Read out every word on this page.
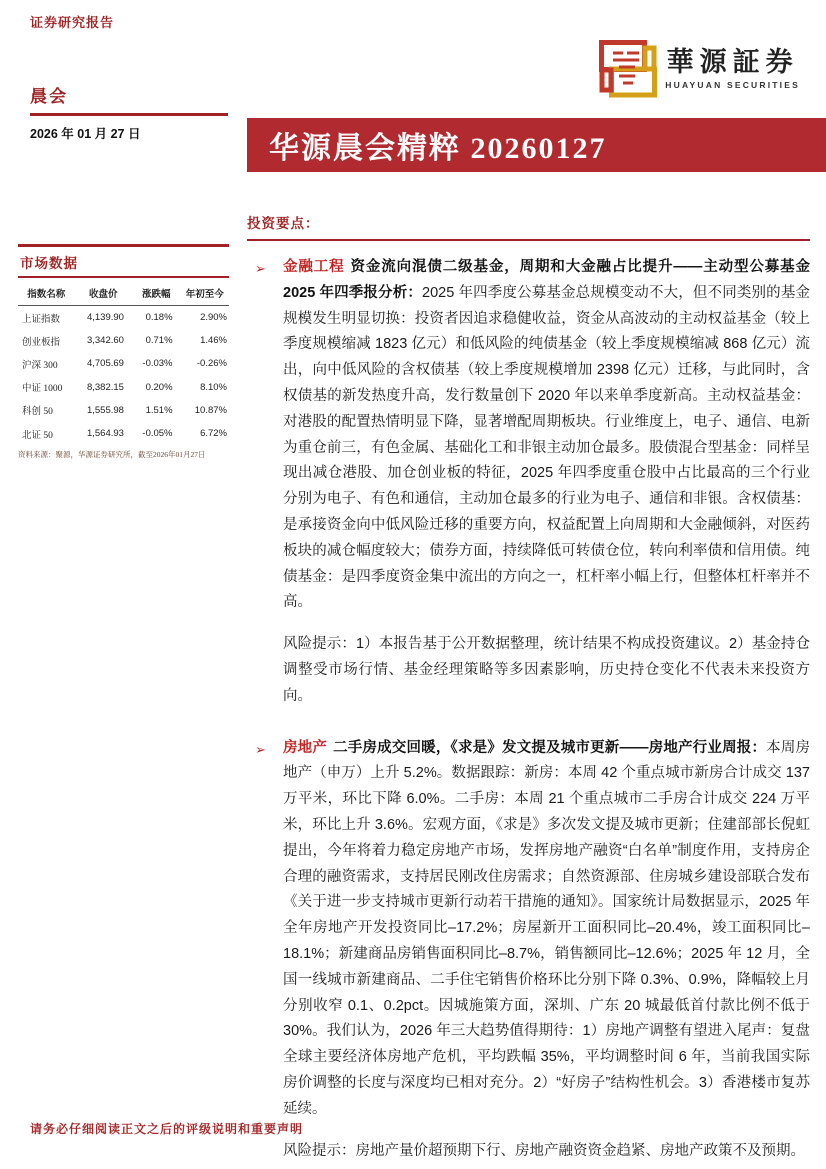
证券研究报告
華源証券
HUAYUAN SECURITIES
晨会
2026 年 01 月 27 日	华源晨会精粹 20260127
市场数据
指数名称	收盘价	涨跌幅	年初至今
上证指数	4,139.90	0.18%	2.90%
创业板指	3,342.60	0.71%	1.46%
沪深 300	4,705.69	-0.03%	-0.26%
中证 1000	8,382.15	0.20%	8.10%
科创 50	1,555.98	1.51%	10.87%
北证 50	1,564.93	-0.05%	6.72%
资料来源：聚源，华源证券研究所，截至2026年01月27日
投资要点：
➢ 金融工程 资金流向混债二级基金，周期和大金融占比提升——主动型公募基金2025 年四季报分析：2025 年四季度公募基金总规模变动不大，但不同类别的基金规模发生明显切换：投资者因追求稳健收益，资金从高波动的主动权益基金（较上季度规模缩减 1823 亿元）和低风险的纯债基金（较上季度规模缩减 868 亿元）流出，向中低风险的含权债基（较上季度规模增加 2398 亿元）迁移，与此同时，含权债基的新发热度升高，发行数量创下 2020 年以来单季度新高。主动权益基金：对港股的配置热情明显下降，显著增配周期板块。行业维度上，电子、通信、电新为重仓前三，有色金属、基础化工和非银主动加仓最多。股债混合型基金：同样呈现出减仓港股、加仓创业板的特征，2025 年四季度重仓股中占比最高的三个行业分别为电子、有色和通信，主动加仓最多的行业为电子、通信和非银。含权债基：是承接资金向中低风险迁移的重要方向，权益配置上向周期和大金融倾斜，对医药板块的减仓幅度较大；债券方面，持续降低可转债仓位，转向利率债和信用债。纯债基金：是四季度资金集中流出的方向之一，杠杆率小幅上行，但整体杠杆率并不高。
风险提示：1）本报告基于公开数据整理，统计结果不构成投资建议。2）基金持仓调整受市场行情、基金经理策略等多因素影响，历史持仓变化不代表未来投资方向。
➢ 房地产 二手房成交回暖，《求是》发文提及城市更新——房地产行业周报：本周房地产（申万）上升 5.2%。数据跟踪：新房：本周 42 个重点城市新房合计成交 137 万平米，环比下降 6.0%。二手房：本周 21 个重点城市二手房合计成交 224 万平米，环比上升 3.6%。宏观方面，《求是》多次发文提及城市更新；住建部部长倪虹提出，今年将着力稳定房地产市场，发挥房地产融资“白名单”制度作用，支持房企合理的融资需求，支持居民刚改住房需求；自然资源部、住房城乡建设部联合发布《关于进一步支持城市更新行动若干措施的通知》。国家统计局数据显示，2025 年全年房地产开发投资同比–17.2%；房屋新开工面积同比–20.4%，竣工面积同比–18.1%；新建商品房销售面积同比–8.7%，销售额同比–12.6%；2025 年 12 月，全国一线城市新建商品、二手住宅销售价格环比分别下降 0.3%、0.9%，降幅较上月分别收窄 0.1、0.2pct。因城施策方面，深圳、广东 20 城最低首付款比例不低于 30%。我们认为，2026 年三大趋势值得期待：1）房地产调整有望进入尾声：复盘全球主要经济体房地产危机，平均跌幅 35%，平均调整时间 6 年，当前我国实际房价调整的长度与深度均已相对充分。2）“好房子”结构性机会。3）香港楼市复苏延续。
风险提示：房地产量价超预期下行、房地产融资资金趋紧、房地产政策不及预期。
请务必仔细阅读正文之后的评级说明和重要声明
